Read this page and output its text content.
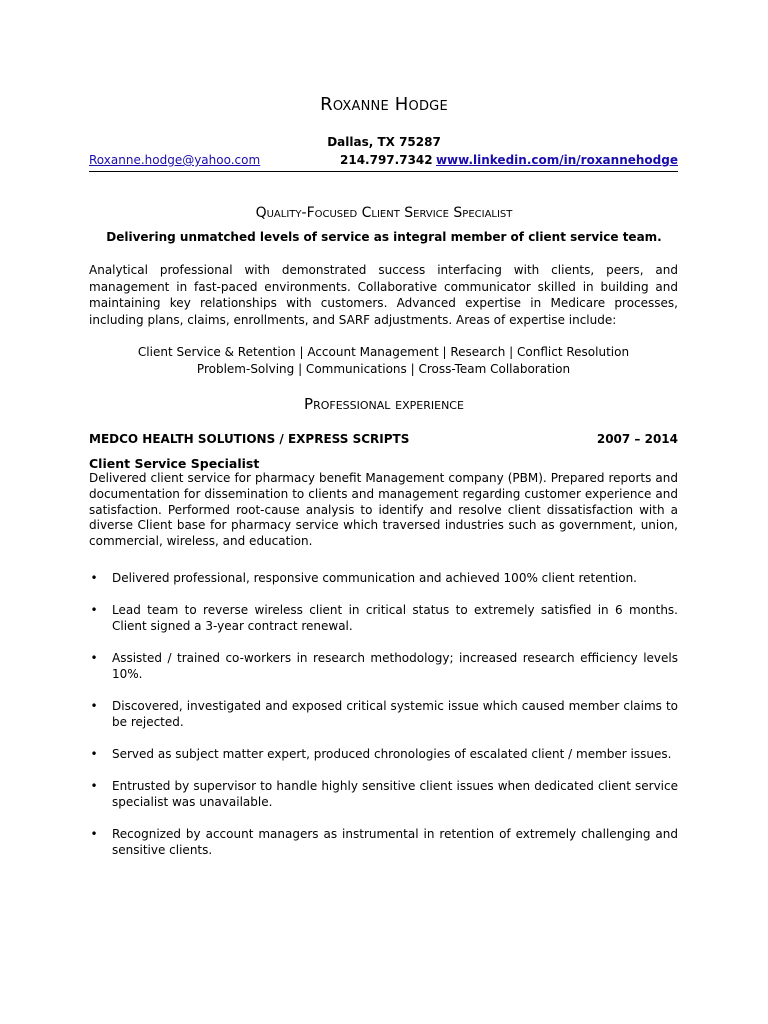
Roxanne Hodge
Dallas, TX 75287
Roxanne.hodge@yahoo.com	214.797.7342 www.linkedin.com/in/roxannehodge
Quality-Focused Client Service Specialist
Delivering unmatched levels of service as integral member of client service team.

Analytical professional with demonstrated success interfacing with clients, peers, and management in fast-paced environments. Collaborative communicator skilled in building and maintaining key relationships with customers. Advanced expertise in Medicare processes, including plans, claims, enrollments, and SARF adjustments. Areas of expertise include:

Client Service & Retention | Account Management | Research | Conflict Resolution
Problem-Solving | Communications | Cross-Team Collaboration
Professional experience
MEDCO HEALTH SOLUTIONS / EXPRESS SCRIPTS	2007 – 2014
Client Service Specialist

Delivered client service for pharmacy benefit Management company (PBM). Prepared reports and documentation for dissemination to clients and management regarding customer experience and satisfaction. Performed root-cause analysis to identify and resolve client dissatisfaction with a diverse Client base for pharmacy service which traversed industries such as government, union, commercial, wireless, and education.

• Delivered professional, responsive communication and achieved 100% client retention.
• Lead team to reverse wireless client in critical status to extremely satisfied in 6 months. Client signed a 3-year contract renewal.
• Assisted / trained co-workers in research methodology; increased research efficiency levels 10%.
• Discovered, investigated and exposed critical systemic issue which caused member claims to be rejected.
• Served as subject matter expert, produced chronologies of escalated client / member issues.
• Entrusted by supervisor to handle highly sensitive client issues when dedicated client service specialist was unavailable.
• Recognized by account managers as instrumental in retention of extremely challenging and sensitive clients.
